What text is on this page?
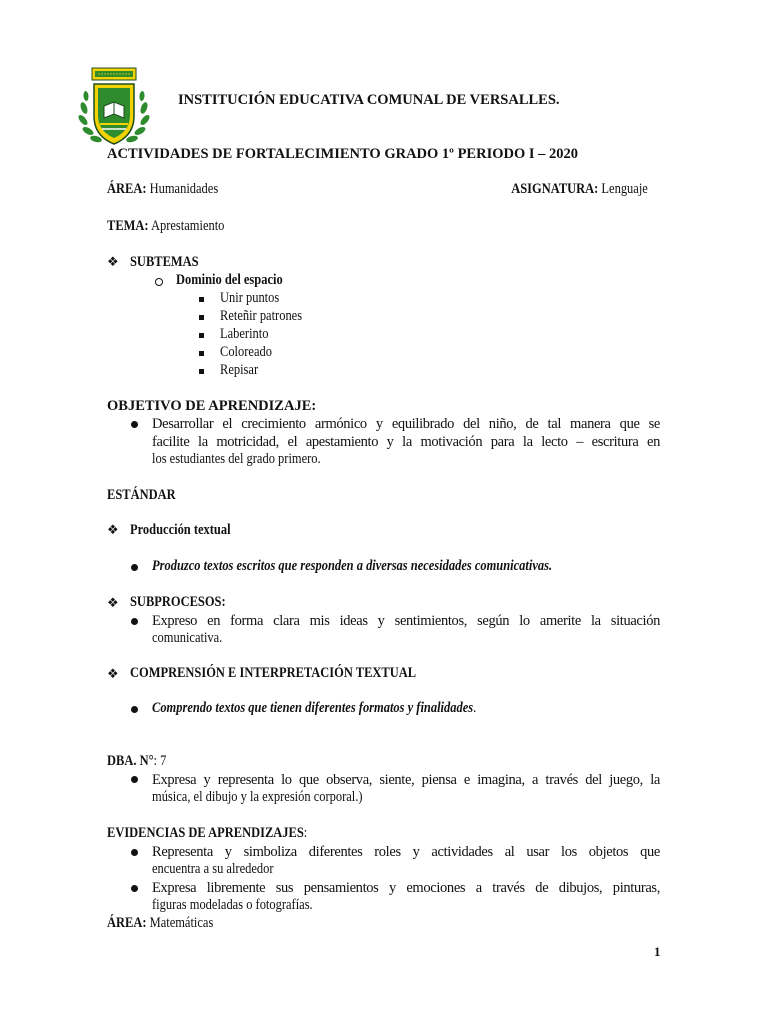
INSTITUCIÓN EDUCATIVA COMUNAL DE VERSALLES.
ACTIVIDADES DE FORTALECIMIENTO GRADO 1º PERIODO I – 2020
ÁREA: Humanidades	ASIGNATURA: Lenguaje
TEMA: Aprestamiento
❖ SUBTEMAS
Dominio del espacio
Unir puntos
Reteñir patrones
Laberinto
Coloreado
Repisar
OBJETIVO DE APRENDIZAJE:
Desarrollar el crecimiento armónico y equilibrado del niño, de tal manera que se
facilite la motricidad, el apestamiento y la motivación para la lecto – escritura en
los estudiantes del grado primero.
ESTÁNDAR
❖ Producción textual
Produzco textos escritos que responden a diversas necesidades comunicativas.
❖ SUBPROCESOS:
Expreso en forma clara mis ideas y sentimientos, según lo amerite la situación
comunicativa.
❖ COMPRENSIÓN E INTERPRETACIÓN TEXTUAL
Comprendo textos que tienen diferentes formatos y finalidades.
DBA. N°: 7
Expresa y representa lo que observa, siente, piensa e imagina, a través del juego, la
música, el dibujo y la expresión corporal.)
EVIDENCIAS DE APRENDIZAJES:
Representa y simboliza diferentes roles y actividades al usar los objetos que
encuentra a su alrededor
Expresa libremente sus pensamientos y emociones a través de dibujos, pinturas,
figuras modeladas o fotografías.
ÁREA: Matemáticas
1
